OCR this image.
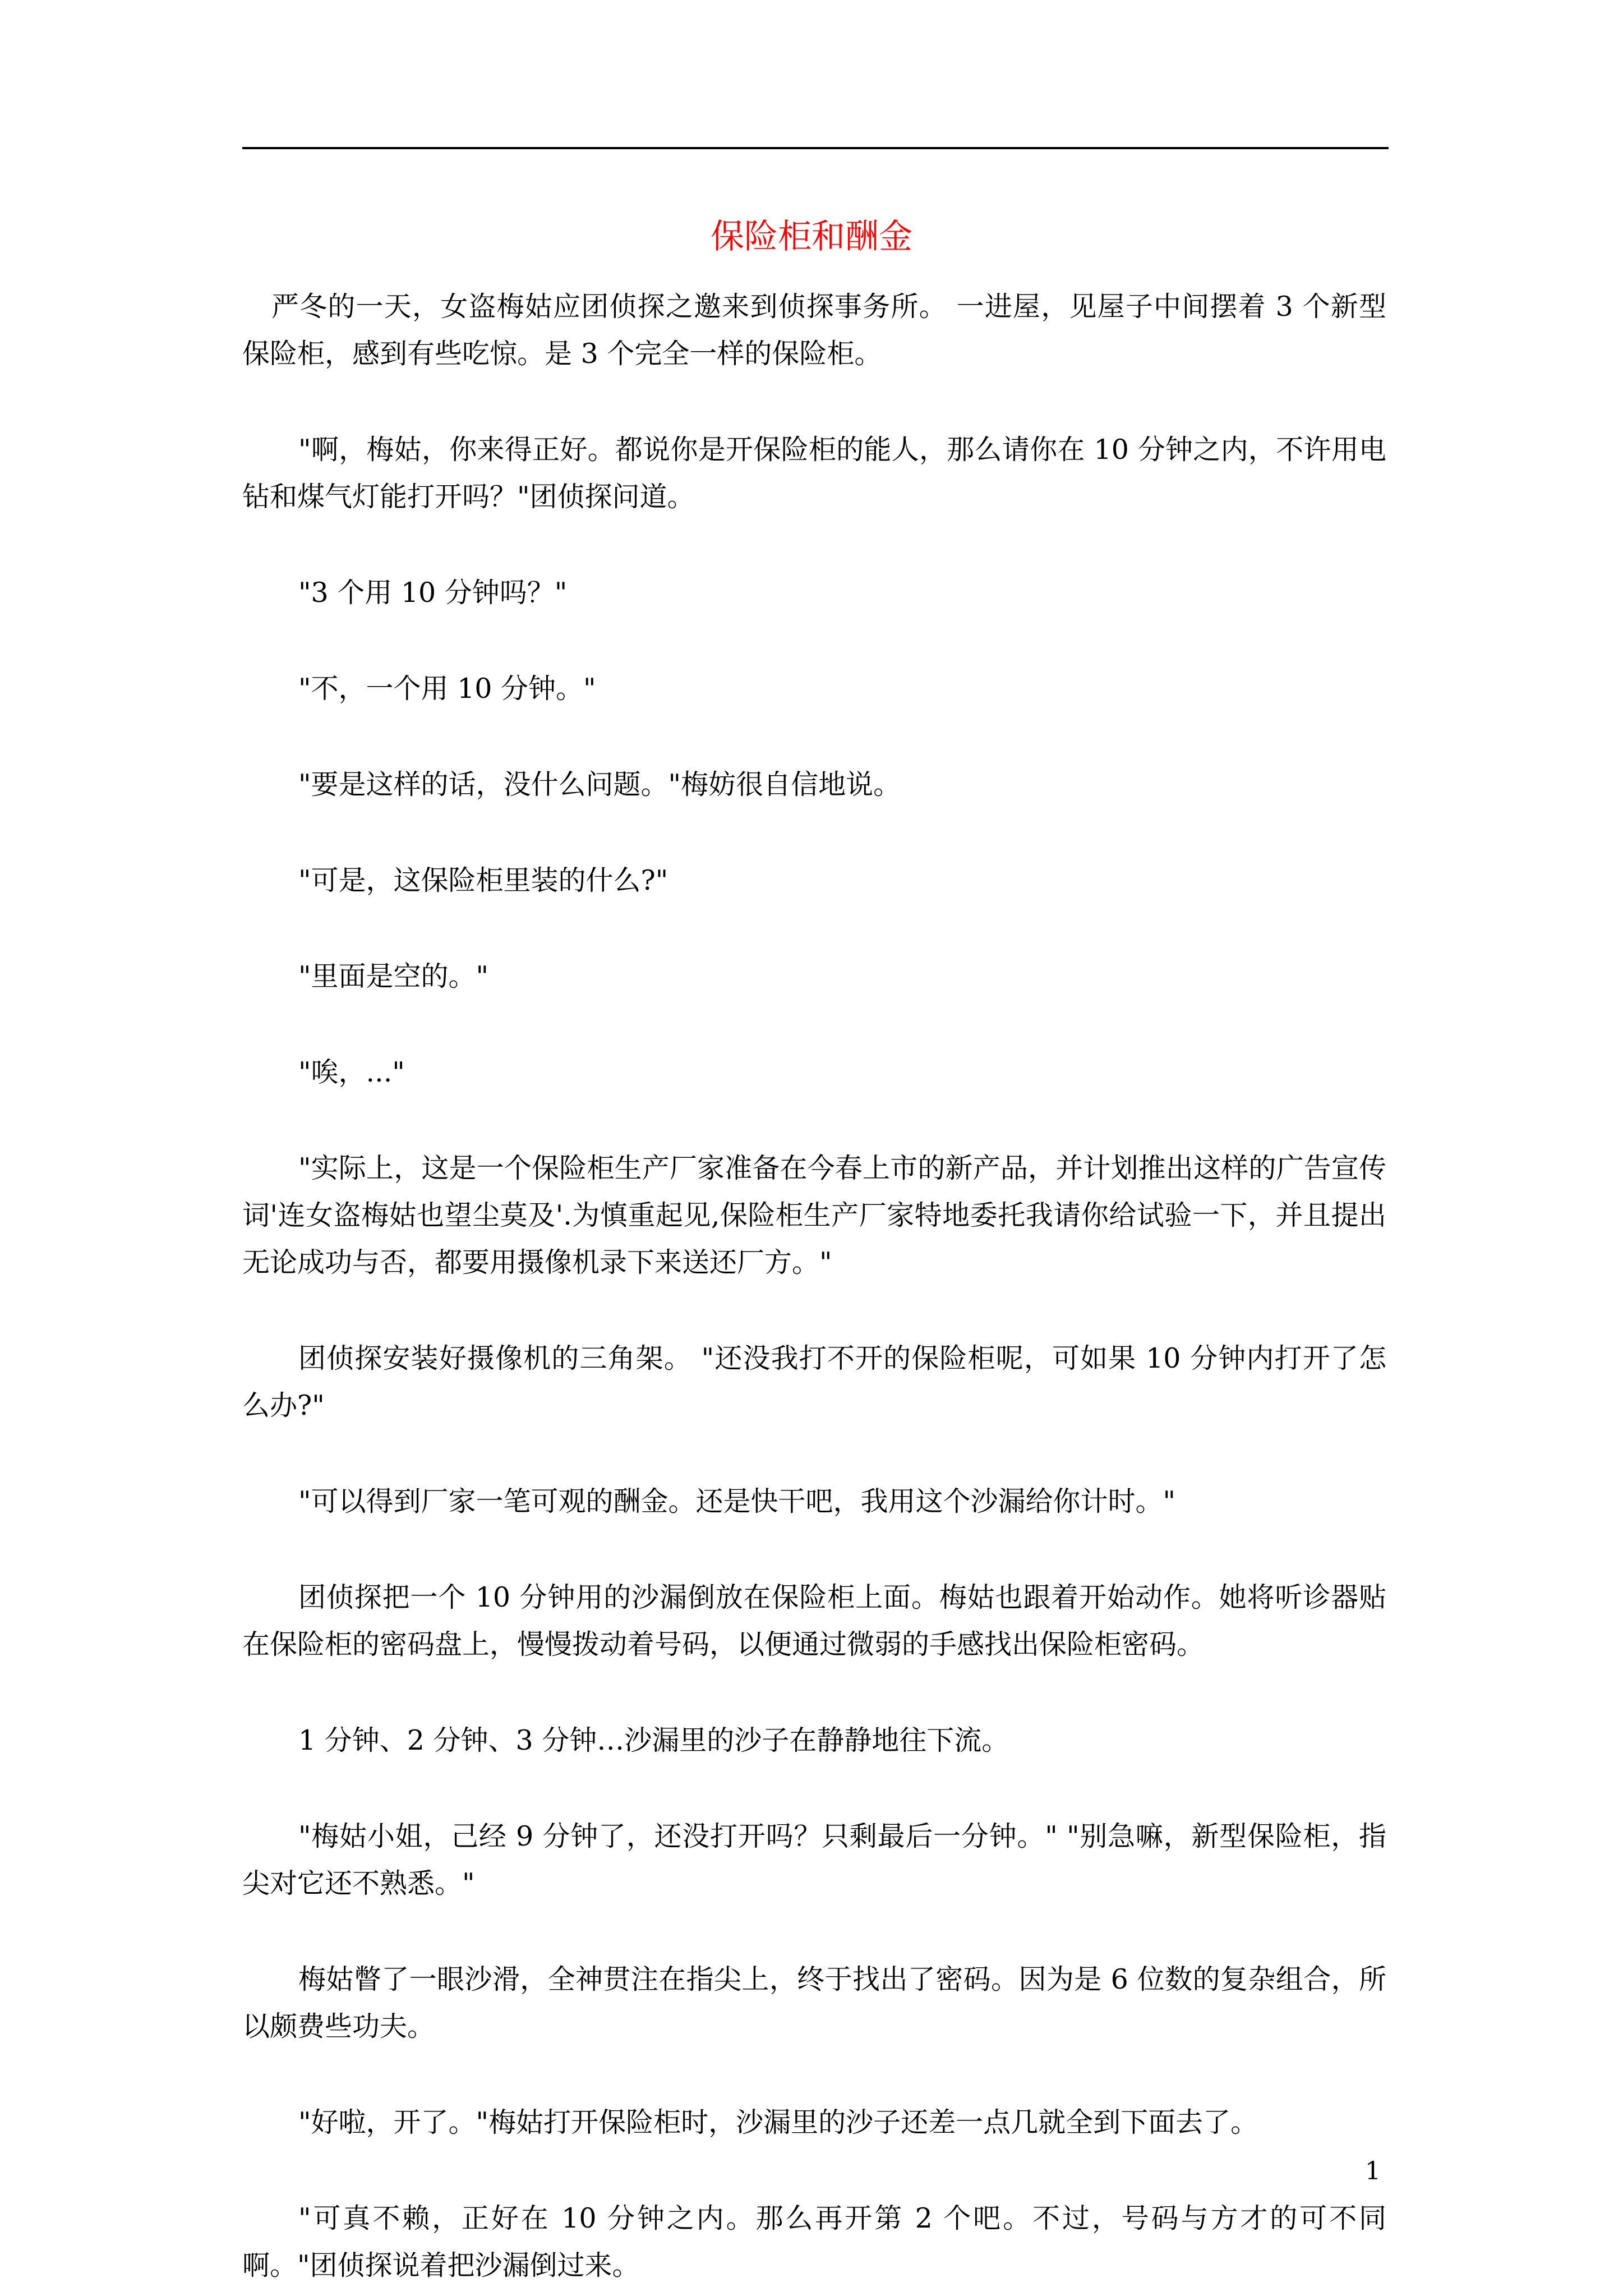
保险柜和酬金

严冬的一天，女盗梅姑应团侦探之邀来到侦探事务所。 一进屋，见屋子中间摆着 3 个新型保险柜，感到有些吃惊。是 3 个完全一样的保险柜。

"啊，梅姑，你来得正好。都说你是开保险柜的能人，那么请你在 10 分钟之内，不许用电钻和煤气灯能打开吗？"团侦探问道。

"3 个用 10 分钟吗？"

"不，一个用 10 分钟。"

"要是这样的话，没什么问题。"梅妨很自信地说。

"可是，这保险柜里装的什么?"

"里面是空的。"

"唉，..."

"实际上，这是一个保险柜生产厂家准备在今春上市的新产品，并计划推出这样的广告宣传词'连女盗梅姑也望尘莫及'.为慎重起见,保险柜生产厂家特地委托我请你给试验一下，并且提出无论成功与否，都要用摄像机录下来送还厂方。"

团侦探安装好摄像机的三角架。 "还没我打不开的保险柜呢，可如果 10 分钟内打开了怎么办?"

"可以得到厂家一笔可观的酬金。还是快干吧，我用这个沙漏给你计时。"

团侦探把一个 10 分钟用的沙漏倒放在保险柜上面。梅姑也跟着开始动作。她将听诊器贴在保险柜的密码盘上，慢慢拨动着号码，以便通过微弱的手感找出保险柜密码。

1 分钟、2 分钟、3 分钟…沙漏里的沙子在静静地往下流。

"梅姑小姐，己经 9 分钟了，还没打开吗？只剩最后一分钟。" "别急嘛，新型保险柜，指尖对它还不熟悉。"

梅姑瞥了一眼沙滑，全神贯注在指尖上，终于找出了密码。因为是 6 位数的复杂组合，所以颇费些功夫。

"好啦，开了。"梅姑打开保险柜时，沙漏里的沙子还差一点几就全到下面去了。

"可真不赖，正好在 10 分钟之内。那么再开第 2 个吧。不过，号码与方才的可不同啊。"团侦探说着把沙漏倒过来。

1
